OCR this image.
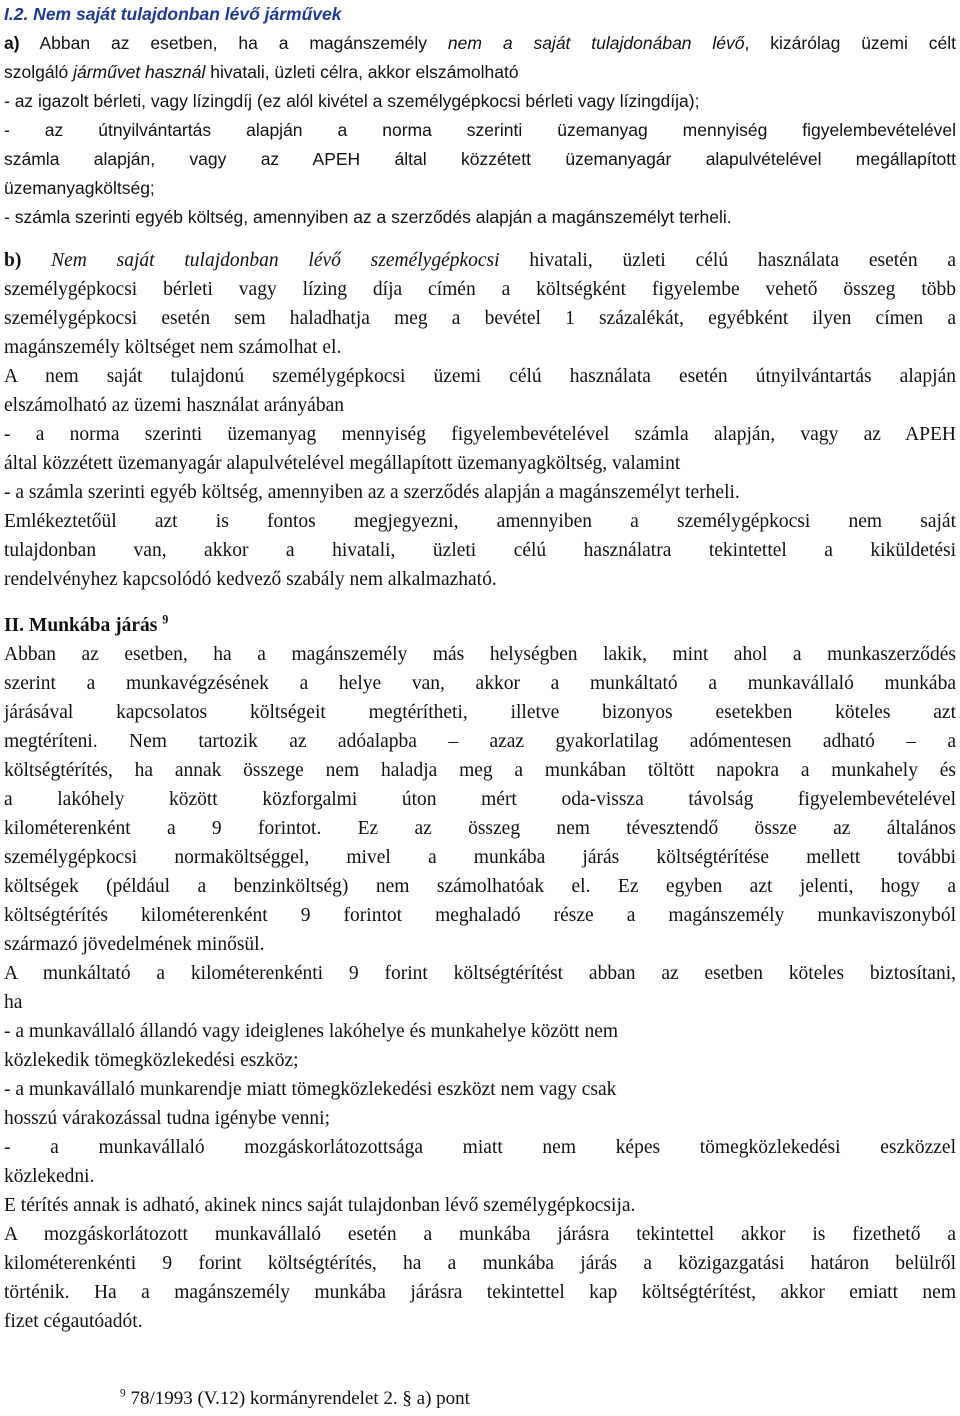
I.2. Nem saját tulajdonban lévő járművek

a) Abban az esetben, ha a magánszemély nem a saját tulajdonában lévő, kizárólag üzemi célt

szolgáló járművet használ hivatali, üzleti célra, akkor elszámolható

- az igazolt bérleti, vagy lízingdíj (ez alól kivétel a személygépkocsi bérleti vagy lízingdíja);

- az útnyilvántartás alapján a norma szerinti üzemanyag mennyiség figyelembevételével

számla alapján, vagy az APEH által közzétett üzemanyagár alapulvételével megállapított

üzemanyagköltség;

- számla szerinti egyéb költség, amennyiben az a szerződés alapján a magánszemélyt terheli.

b) Nem saját tulajdonban lévő személygépkocsi hivatali, üzleti célú használata esetén a

személygépkocsi bérleti vagy lízing díja címén a költségként figyelembe vehető összeg több

személygépkocsi esetén sem haladhatja meg a bevétel 1 százalékát, egyébként ilyen címen a

magánszemély költséget nem számolhat el.

A nem saját tulajdonú személygépkocsi üzemi célú használata esetén útnyilvántartás alapján

elszámolható az üzemi használat arányában

- a norma szerinti üzemanyag mennyiség figyelembevételével számla alapján, vagy az APEH

által közzétett üzemanyagár alapulvételével megállapított üzemanyagköltség, valamint

- a számla szerinti egyéb költség, amennyiben az a szerződés alapján a magánszemélyt terheli.

Emlékeztetőül azt is fontos megjegyezni, amennyiben a személygépkocsi nem saját

tulajdonban van, akkor a hivatali, üzleti célú használatra tekintettel a kiküldetési

rendelvényhez kapcsolódó kedvező szabály nem alkalmazható.

II. Munkába járás $^9$

Abban az esetben, ha a magánszemély más helységben lakik, mint ahol a munkaszerződés

szerint a munkavégzésének a helye van, akkor a munkáltató a munkavállaló munkába

járásával kapcsolatos költségeit megtérítheti, illetve bizonyos esetekben köteles azt

megtéríteni. Nem tartozik az adóalapba – azaz gyakorlatilag adómentesen adható – a

költségtérítés, ha annak összege nem haladja meg a munkában töltött napokra a munkahely és

a lakóhely között közforgalmi úton mért oda-vissza távolság figyelembevételével

kilométerenként a 9 forintot. Ez az összeg nem tévesztendő össze az általános

személygépkocsi normaköltséggel, mivel a munkába járás költségtérítése mellett további

költségek (például a benzinköltség) nem számolhatóak el. Ez egyben azt jelenti, hogy a

költségtérítés kilométerenként 9 forintot meghaladó része a magánszemély munkaviszonyból

származó jövedelmének minősül.

A munkáltató a kilométerenkénti 9 forint költségtérítést abban az esetben köteles biztosítani,

ha

- a munkavállaló állandó vagy ideiglenes lakóhelye és munkahelye között nem

közlekedik tömegközlekedési eszköz;

- a munkavállaló munkarendje miatt tömegközlekedési eszközt nem vagy csak

hosszú várakozással tudna igénybe venni;

- a munkavállaló mozgáskorlátozottsága miatt nem képes tömegközlekedési eszközzel

közlekedni.

E térítés annak is adható, akinek nincs saját tulajdonban lévő személygépkocsija.

A mozgáskorlátozott munkavállaló esetén a munkába járásra tekintettel akkor is fizethető a

kilométerenkénti 9 forint költségtérítés, ha a munkába járás a közigazgatási határon belülről

történik. Ha a magánszemély munkába járásra tekintettel kap költségtérítést, akkor emiatt nem

fizet cégautóadót.

$^9$ 78/1993 (V.12) kormányrendelet 2. § a) pont
